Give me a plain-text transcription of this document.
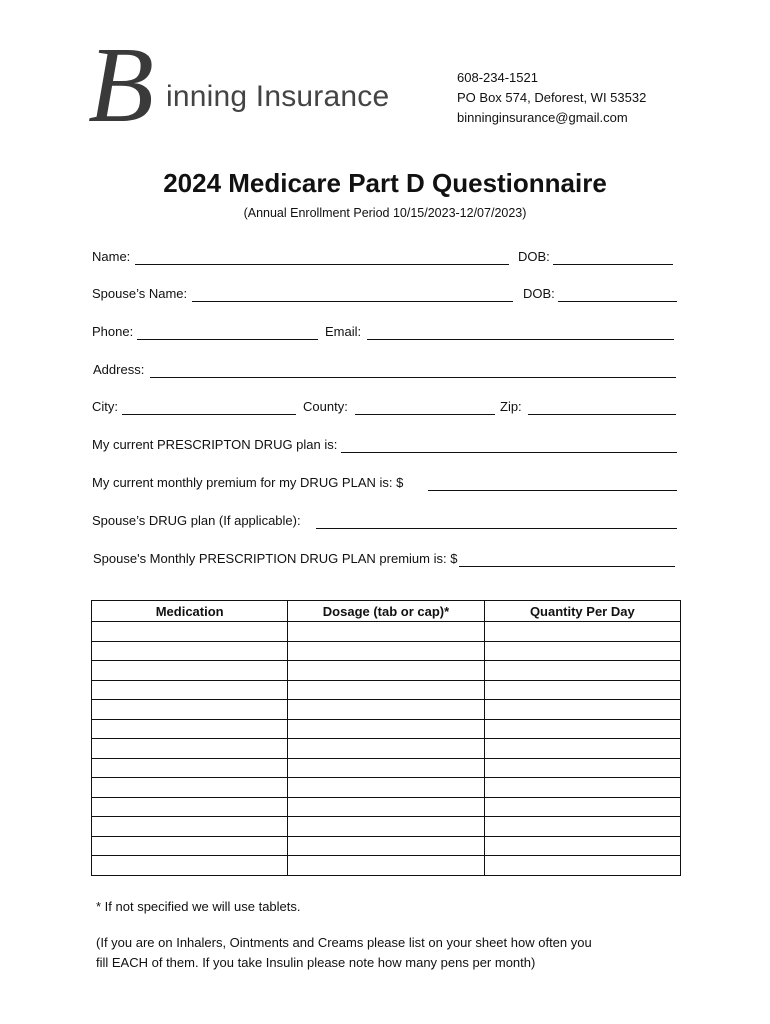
B inning Insurance
608-234-1521
PO Box 574, Deforest, WI 53532
binninginsurance@gmail.com
2024 Medicare Part D Questionnaire
(Annual Enrollment Period 10/15/2023-12/07/2023)
Name:	DOB:
Spouse’s Name:	DOB:
Phone:	Email:
Address:
City:	County:	Zip:
My current PRESCRIPTON DRUG plan is:
My current monthly premium for my DRUG PLAN is: $
Spouse’s DRUG plan (If applicable):
Spouse's Monthly PRESCRIPTION DRUG PLAN premium is: $
Medication	Dosage (tab or cap)*	Quantity Per Day

* If not specified we will use tablets.
(If you are on Inhalers, Ointments and Creams please list on your sheet how often you
fill EACH of them. If you take Insulin please note how many pens per month)
